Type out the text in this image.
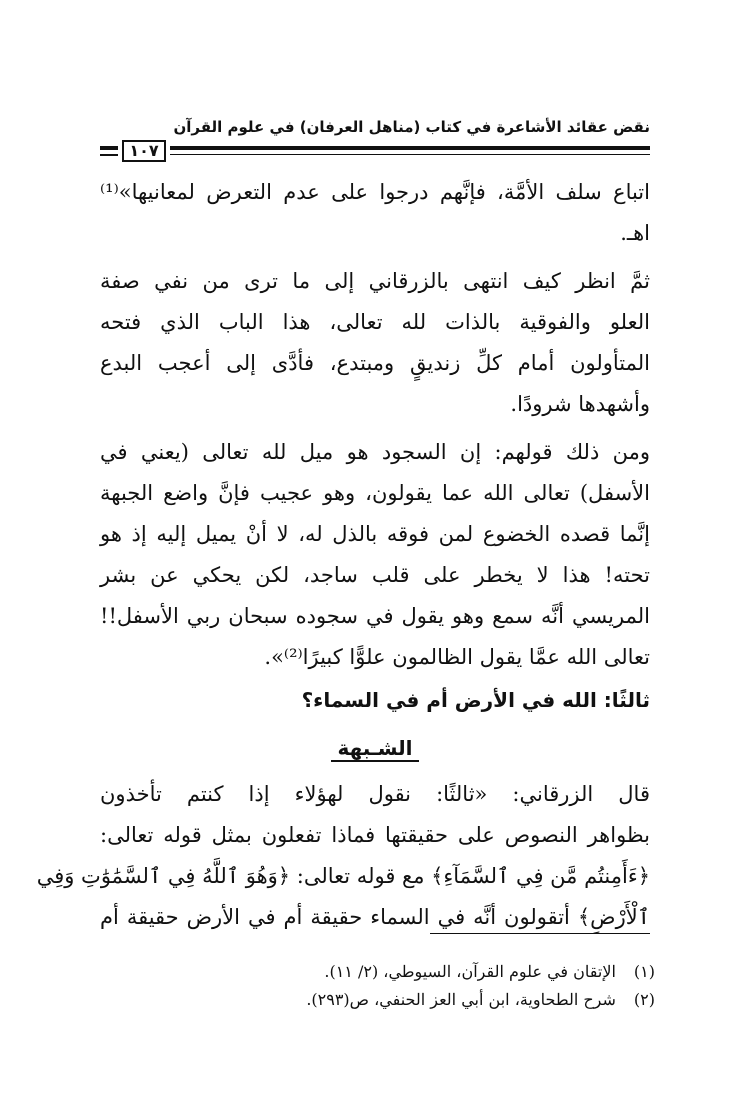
نقض عقائد الأشاعرة في كتاب (مناهل العرفان) في علوم القرآن
١٠٧
اتباع سلف الأمَّة، فإنَّهم درجوا على عدم التعرض لمعانيها»⁽¹⁾
اهـ.
ثمَّ انظر كيف انتهى بالزرقاني إلى ما ترى من نفي صفة
العلو والفوقية بالذات لله تعالى، هذا الباب الذي فتحه
المتأولون أمام كلِّ زنديقٍ ومبتدع، فأدَّى إلى أعجب البدع
وأشهدها شرودًا.
ومن ذلك قولهم: إن السجود هو ميل لله تعالى (يعني في
الأسفل) تعالى الله عما يقولون، وهو عجيب فإنَّ واضع الجبهة
إنَّما قصده الخضوع لمن فوقه بالذل له، لا أنْ يميل إليه إذ هو
تحته! هذا لا يخطر على قلب ساجد، لكن يحكي عن بشر
المريسي أنَّه سمع وهو يقول في سجوده سبحان ربي الأسفل!!
تعالى الله عمَّا يقول الظالمون علوًّا كبيرًا⁽²⁾».
ثالثًا: الله في الأرض أم في السماء؟
الشـبهة
قال الزرقاني: «ثالثًا: نقول لهؤلاء إذا كنتم تأخذون
بظواهر النصوص على حقيقتها فماذا تفعلون بمثل قوله تعالى:
﴿ءَأَمِنتُم مَّن فِي ٱلسَّمَآءِ﴾ مع قوله تعالى: ﴿وَهُوَ ٱللَّهُ فِي ٱلسَّمَٰوَٰتِ وَفِي
ٱلْأَرْضِ﴾ أتقولون أنَّه في السماء حقيقة أم في الأرض حقيقة أم
(١) الإتقان في علوم القرآن، السيوطي، (٢/ ١١).
(٢) شرح الطحاوية، ابن أبي العز الحنفي، ص(٢٩٣).
